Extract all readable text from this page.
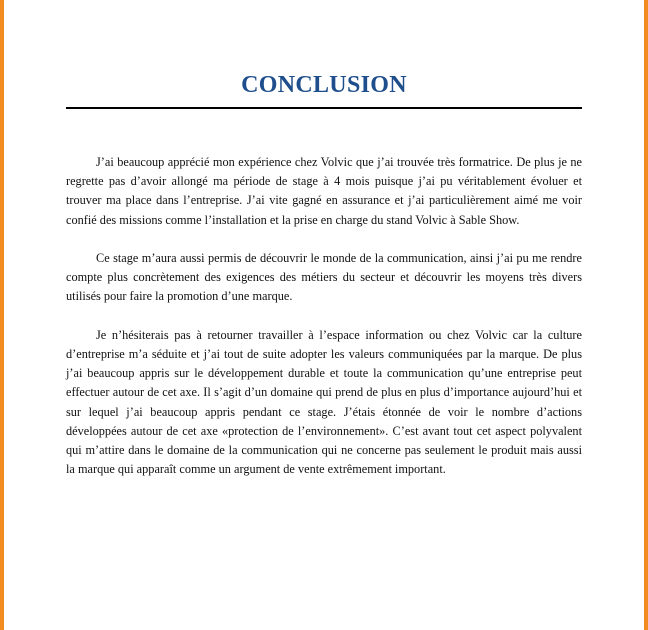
CONCLUSION

J’ai beaucoup apprécié mon expérience chez Volvic que j’ai trouvée très formatrice. De plus je ne regrette pas d’avoir allongé ma période de stage à 4 mois puisque j’ai pu véritablement évoluer et trouver ma place dans l’entreprise. J’ai vite gagné en assurance et j’ai particulièrement aimé me voir confié des missions comme l’installation et la prise en charge du stand Volvic à Sable Show.

Ce stage m’aura aussi permis de découvrir le monde de la communication, ainsi j’ai pu me rendre compte plus concrètement des exigences des métiers du secteur et découvrir les moyens très divers utilisés pour faire la promotion d’une marque.

Je n’hésiterais pas à retourner travailler à l’espace information ou chez Volvic car la culture d’entreprise m’a séduite et j’ai tout de suite adopter les valeurs communiquées par la marque. De plus j’ai beaucoup appris sur le développement durable et toute la communication qu’une entreprise peut effectuer autour de cet axe. Il s’agit d’un domaine qui prend de plus en plus d’importance aujourd’hui et sur lequel j’ai beaucoup appris pendant ce stage. J’étais étonnée de voir le nombre d’actions développées autour de cet axe «protection de l’environnement». C’est avant tout cet aspect polyvalent qui m’attire dans le domaine de la communication qui ne concerne pas seulement le produit mais aussi la marque qui apparaît comme un argument de vente extrêmement important.
